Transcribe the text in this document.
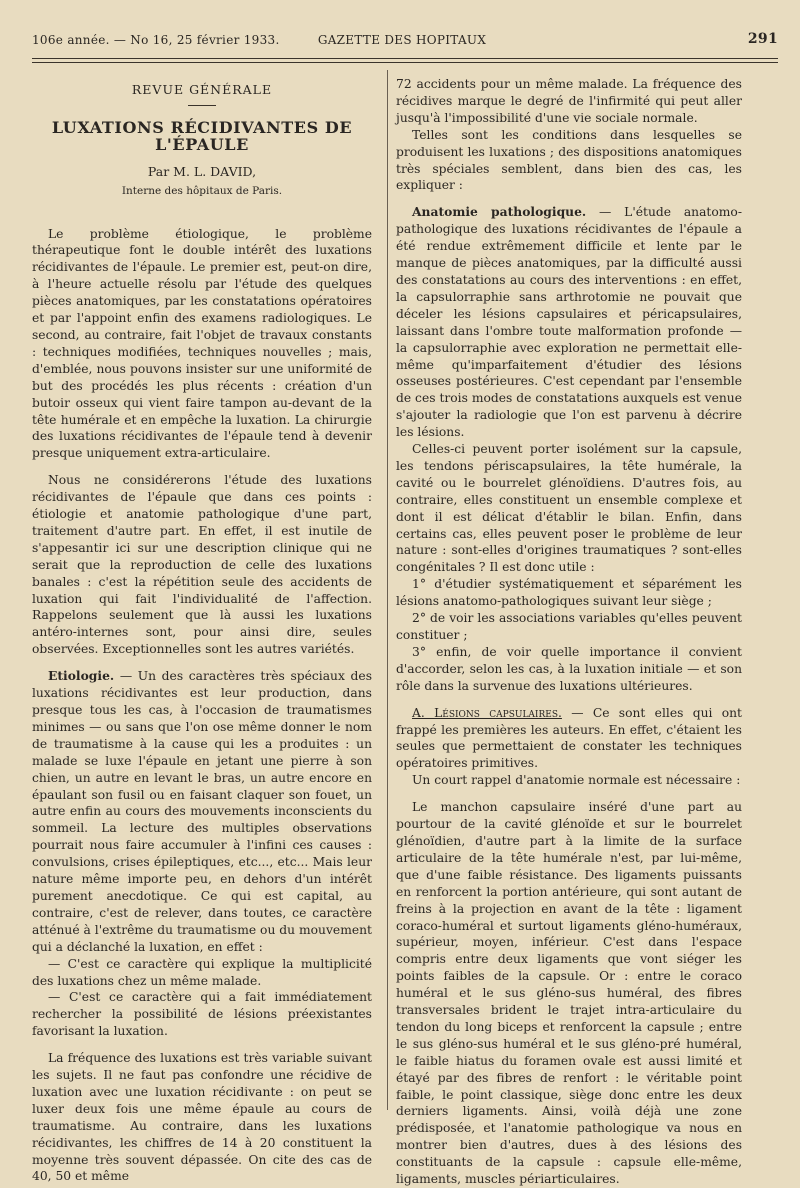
106e année. — No 16, 25 février 1933.	GAZETTE DES HOPITAUX	291
REVUE GÉNÉRALE
LUXATIONS RÉCIDIVANTES DE L'ÉPAULE
Par M. L. DAVID,
Interne des hôpitaux de Paris.

Le problème étiologique, le problème thérapeutique font le double intérêt des luxations récidivantes de l'épaule. Le premier est, peut-on dire, à l'heure actuelle résolu par l'étude des quelques pièces anatomiques, par les constatations opératoires et par l'appoint enfin des examens radiologiques. Le second, au contraire, fait l'objet de travaux constants : techniques modifiées, techniques nouvelles ; mais, d'emblée, nous pouvons insister sur une uniformité de but des procédés les plus récents : création d'un butoir osseux qui vient faire tampon au-devant de la tête humérale et en empêche la luxation. La chirurgie des luxations récidivantes de l'épaule tend à devenir presque uniquement extra-articulaire.

Nous ne considérerons l'étude des luxations récidivantes de l'épaule que dans ces points : étiologie et anatomie pathologique d'une part, traitement d'autre part. En effet, il est inutile de s'appesantir ici sur une description clinique qui ne serait que la reproduction de celle des luxations banales : c'est la répétition seule des accidents de luxation qui fait l'individualité de l'affection. Rappelons seulement que là aussi les luxations antéro-internes sont, pour ainsi dire, seules observées. Exceptionnelles sont les autres variétés.

Etiologie. — Un des caractères très spéciaux des luxations récidivantes est leur production, dans presque tous les cas, à l'occasion de traumatismes minimes — ou sans que l'on ose même donner le nom de traumatisme à la cause qui les a produites : un malade se luxe l'épaule en jetant une pierre à son chien, un autre en levant le bras, un autre encore en épaulant son fusil ou en faisant claquer son fouet, un autre enfin au cours des mouvements inconscients du sommeil. La lecture des multiples observations pourrait nous faire accumuler à l'infini ces causes : convulsions, crises épileptiques, etc..., etc... Mais leur nature même importe peu, en dehors d'un intérêt purement anecdotique. Ce qui est capital, au contraire, c'est de relever, dans toutes, ce caractère atténué à l'extrême du traumatisme ou du mouvement qui a déclanché la luxation, en effet :

— C'est ce caractère qui explique la multiplicité des luxations chez un même malade.

— C'est ce caractère qui a fait immédiatement rechercher la possibilité de lésions préexistantes favorisant la luxation.

La fréquence des luxations est très variable suivant les sujets. Il ne faut pas confondre une récidive de luxation avec une luxation récidivante : on peut se luxer deux fois une même épaule au cours de traumatisme. Au contraire, dans les luxations récidivantes, les chiffres de 14 à 20 constituent la moyenne très souvent dépassée. On cite des cas de 40, 50 et même

72 accidents pour un même malade. La fréquence des récidives marque le degré de l'infirmité qui peut aller jusqu'à l'impossibilité d'une vie sociale normale.

Telles sont les conditions dans lesquelles se produisent les luxations ; des dispositions anatomiques très spéciales semblent, dans bien des cas, les expliquer :

Anatomie pathologique. — L'étude anatomo-pathologique des luxations récidivantes de l'épaule a été rendue extrêmement difficile et lente par le manque de pièces anatomiques, par la difficulté aussi des constatations au cours des interventions : en effet, la capsulorraphie sans arthrotomie ne pouvait que déceler les lésions capsulaires et péricapsulaires, laissant dans l'ombre toute malformation profonde — la capsulorraphie avec exploration ne permettait elle-même qu'imparfaitement d'étudier des lésions osseuses postérieures. C'est cependant par l'ensemble de ces trois modes de constatations auxquels est venue s'ajouter la radiologie que l'on est parvenu à décrire les lésions.

Celles-ci peuvent porter isolément sur la capsule, les tendons périscapsulaires, la tête humérale, la cavité ou le bourrelet glénoïdiens. D'autres fois, au contraire, elles constituent un ensemble complexe et dont il est délicat d'établir le bilan. Enfin, dans certains cas, elles peuvent poser le problème de leur nature : sont-elles d'origines traumatiques ? sont-elles congénitales ? Il est donc utile :

1° d'étudier systématiquement et séparément les lésions anatomo-pathologiques suivant leur siège ;

2° de voir les associations variables qu'elles peuvent constituer ;

3° enfin, de voir quelle importance il convient d'accorder, selon les cas, à la luxation initiale — et son rôle dans la survenue des luxations ultérieures.

A. Lésions capsulaires. — Ce sont elles qui ont frappé les premières les auteurs. En effet, c'étaient les seules que permettaient de constater les techniques opératoires primitives.

Un court rappel d'anatomie normale est nécessaire :

Le manchon capsulaire inséré d'une part au pourtour de la cavité glénoïde et sur le bourrelet glénoïdien, d'autre part à la limite de la surface articulaire de la tête humérale n'est, par lui-même, que d'une faible résistance. Des ligaments puissants en renforcent la portion antérieure, qui sont autant de freins à la projection en avant de la tête : ligament coraco-huméral et surtout ligaments gléno-huméraux, supérieur, moyen, inférieur. C'est dans l'espace compris entre deux ligaments que vont siéger les points faibles de la capsule. Or : entre le coraco huméral et le sus gléno-sus huméral, des fibres transversales brident le trajet intra-articulaire du tendon du long biceps et renforcent la capsule ; entre le sus gléno-sus huméral et le sus gléno-pré huméral, le faible hiatus du foramen ovale est aussi limité et étayé par des fibres de renfort : le véritable point faible, le point classique, siège donc entre les deux derniers ligaments. Ainsi, voilà déjà une zone prédisposée, et l'anatomie pathologique va nous en montrer bien d'autres, dues à des lésions des constituants de la capsule : capsule elle-même, ligaments, muscles périarticulaires.
